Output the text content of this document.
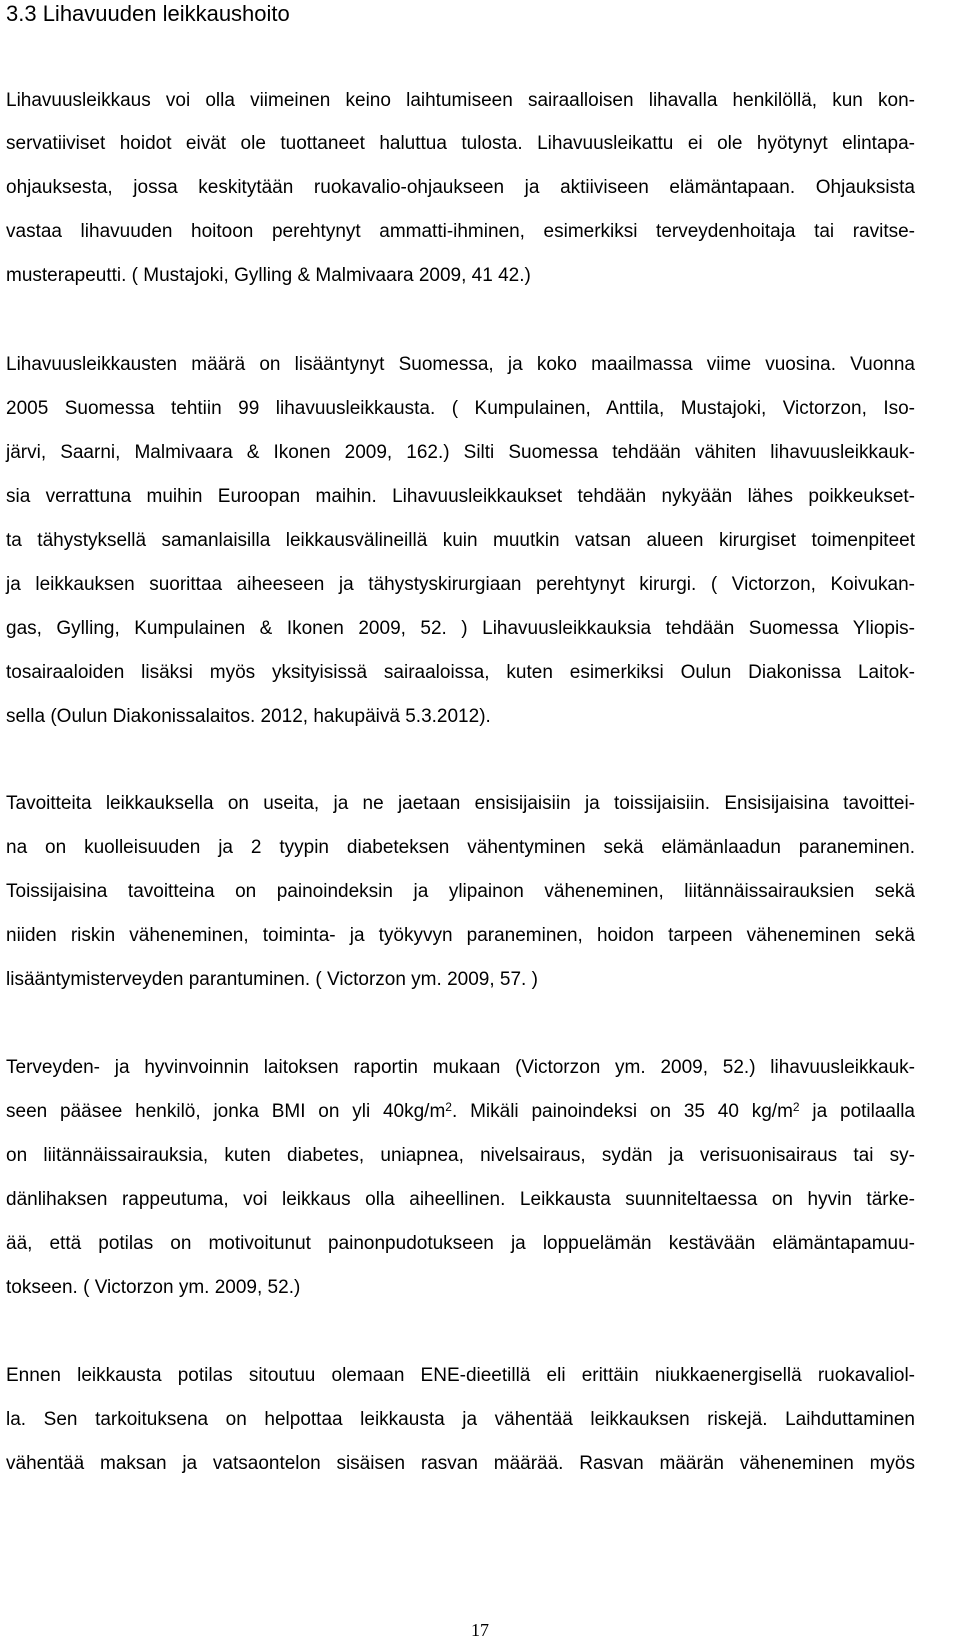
3.3 Lihavuuden leikkaushoito
Lihavuusleikkaus voi olla viimeinen keino laihtumiseen sairaalloisen lihavalla henkilöllä, kun kon-
servatiiviset hoidot eivät ole tuottaneet haluttua tulosta. Lihavuusleikattu ei ole hyötynyt elintapa-
ohjauksesta, jossa keskitytään ruokavalio-ohjaukseen ja aktiiviseen elämäntapaan. Ohjauksista
vastaa lihavuuden hoitoon perehtynyt ammatti-ihminen, esimerkiksi terveydenhoitaja tai ravitse-
musterapeutti. ( Mustajoki, Gylling & Malmivaara 2009, 41 42.)
Lihavuusleikkausten määrä on lisääntynyt Suomessa, ja koko maailmassa viime vuosina. Vuonna
2005 Suomessa tehtiin 99 lihavuusleikkausta. ( Kumpulainen, Anttila, Mustajoki, Victorzon, Iso-
järvi, Saarni, Malmivaara & Ikonen 2009, 162.) Silti Suomessa tehdään vähiten lihavuusleikkauk-
sia verrattuna muihin Euroopan maihin. Lihavuusleikkaukset tehdään nykyään lähes poikkeukset-
ta tähystyksellä samanlaisilla leikkausvälineillä kuin muutkin vatsan alueen kirurgiset toimenpiteet
ja leikkauksen suorittaa aiheeseen ja tähystyskirurgiaan perehtynyt kirurgi. ( Victorzon, Koivukan-
gas, Gylling, Kumpulainen & Ikonen 2009, 52. ) Lihavuusleikkauksia tehdään Suomessa Yliopis-
tosairaaloiden lisäksi myös yksityisissä sairaaloissa, kuten esimerkiksi Oulun Diakonissa Laitok-
sella (Oulun Diakonissalaitos. 2012, hakupäivä 5.3.2012).
Tavoitteita leikkauksella on useita, ja ne jaetaan ensisijaisiin ja toissijaisiin. Ensisijaisina tavoittei-
na on kuolleisuuden ja 2 tyypin diabeteksen vähentyminen sekä elämänlaadun paraneminen.
Toissijaisina tavoitteina on painoindeksin ja ylipainon väheneminen, liitännäissairauksien sekä
niiden riskin väheneminen, toiminta- ja työkyvyn paraneminen, hoidon tarpeen väheneminen sekä
lisääntymisterveyden parantuminen. ( Victorzon ym. 2009, 57. )
Terveyden- ja hyvinvoinnin laitoksen raportin mukaan (Victorzon ym. 2009, 52.) lihavuusleikkauk-
seen pääsee henkilö, jonka BMI on yli $40kg/m^2$. Mikäli painoindeksi on 35 40 $kg/m^2$ ja potilaalla
on liitännäissairauksia, kuten diabetes, uniapnea, nivelsairaus, sydän ja verisuonisairaus tai sy-
dänlihaksen rappeutuma, voi leikkaus olla aiheellinen. Leikkausta suunniteltaessa on hyvin tärke-
ää, että potilas on motivoitunut painonpudotukseen ja loppuelämän kestävään elämäntapamuu-
tokseen. ( Victorzon ym. 2009, 52.)
Ennen leikkausta potilas sitoutuu olemaan ENE-dieetillä eli erittäin niukkaenergisellä ruokavaliol-
la. Sen tarkoituksena on helpottaa leikkausta ja vähentää leikkauksen riskejä. Laihduttaminen
vähentää maksan ja vatsaontelon sisäisen rasvan määrää. Rasvan määrän väheneminen myös
17
